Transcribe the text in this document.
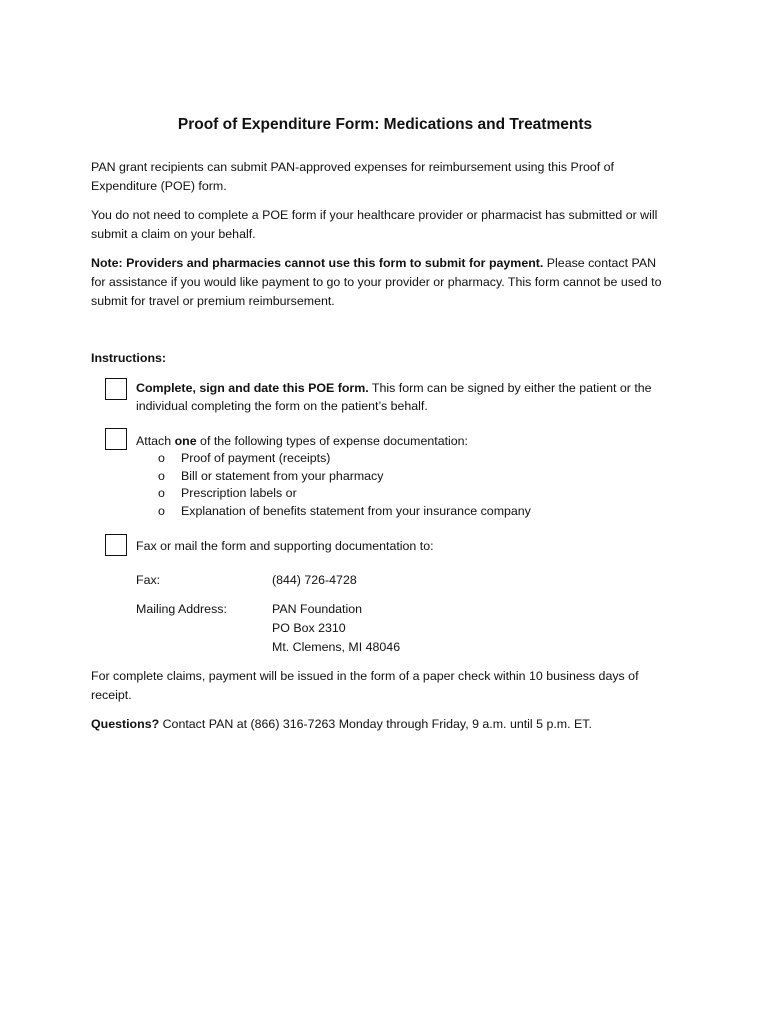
Proof of Expenditure Form: Medications and Treatments

PAN grant recipients can submit PAN-approved expenses for reimbursement using this Proof of Expenditure (POE) form.

You do not need to complete a POE form if your healthcare provider or pharmacist has submitted or will submit a claim on your behalf.

Note: Providers and pharmacies cannot use this form to submit for payment. Please contact PAN for assistance if you would like payment to go to your provider or pharmacy. This form cannot be used to submit for travel or premium reimbursement.

Instructions:

Complete, sign and date this POE form. This form can be signed by either the patient or the individual completing the form on the patient’s behalf.

Attach one of the following types of expense documentation:

o Proof of payment (receipts)
o Bill or statement from your pharmacy
o Prescription labels or
o Explanation of benefits statement from your insurance company

Fax or mail the form and supporting documentation to:

Fax:	(844) 726-4728
Mailing Address:	PAN Foundation
PO Box 2310
Mt. Clemens, MI 48046

For complete claims, payment will be issued in the form of a paper check within 10 business days of receipt.

Questions? Contact PAN at (866) 316-7263 Monday through Friday, 9 a.m. until 5 p.m. ET.
